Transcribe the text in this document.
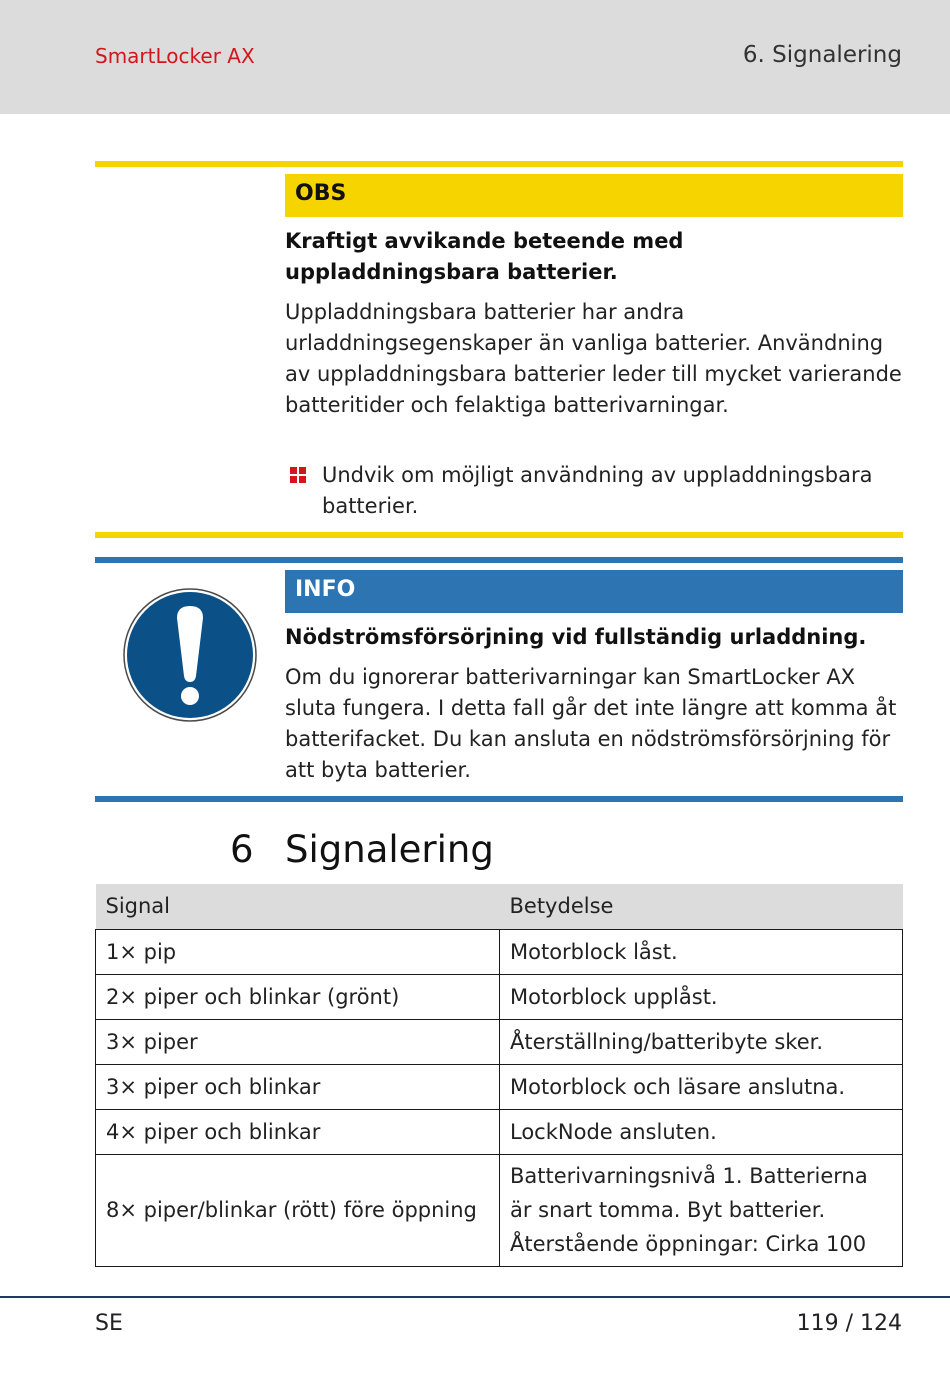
SmartLocker AX	6. Signalering
OBS
Kraftigt avvikande beteende med uppladdningsbara batterier.
Uppladdningsbara batterier har andra urladdningsegenskaper än vanliga batterier. Användning av uppladdningsbara batterier leder till mycket varierande batteritider och felaktiga batterivarningar.
Undvik om möjligt användning av uppladdningsbara batterier.
INFO
Nödströmsförsörjning vid fullständig urladdning.
Om du ignorerar batterivarningar kan SmartLocker AX sluta fungera. I detta fall går det inte längre att komma åt batterifacket. Du kan ansluta en nödströmsförsörjning för att byta batterier.
6 Signalering
Signal	Betydelse
1× pip	Motorblock låst.
2× piper och blinkar (grönt)	Motorblock upplåst.
3× piper	Återställning/batteribyte sker.
3× piper och blinkar	Motorblock och läsare anslutna.
4× piper och blinkar	LockNode ansluten.
8× piper/blinkar (rött) före öppning	Batterivarningsnivå 1. Batterierna är snart tomma. Byt batterier. Återstående öppningar: Cirka 100
SE	119 / 124
